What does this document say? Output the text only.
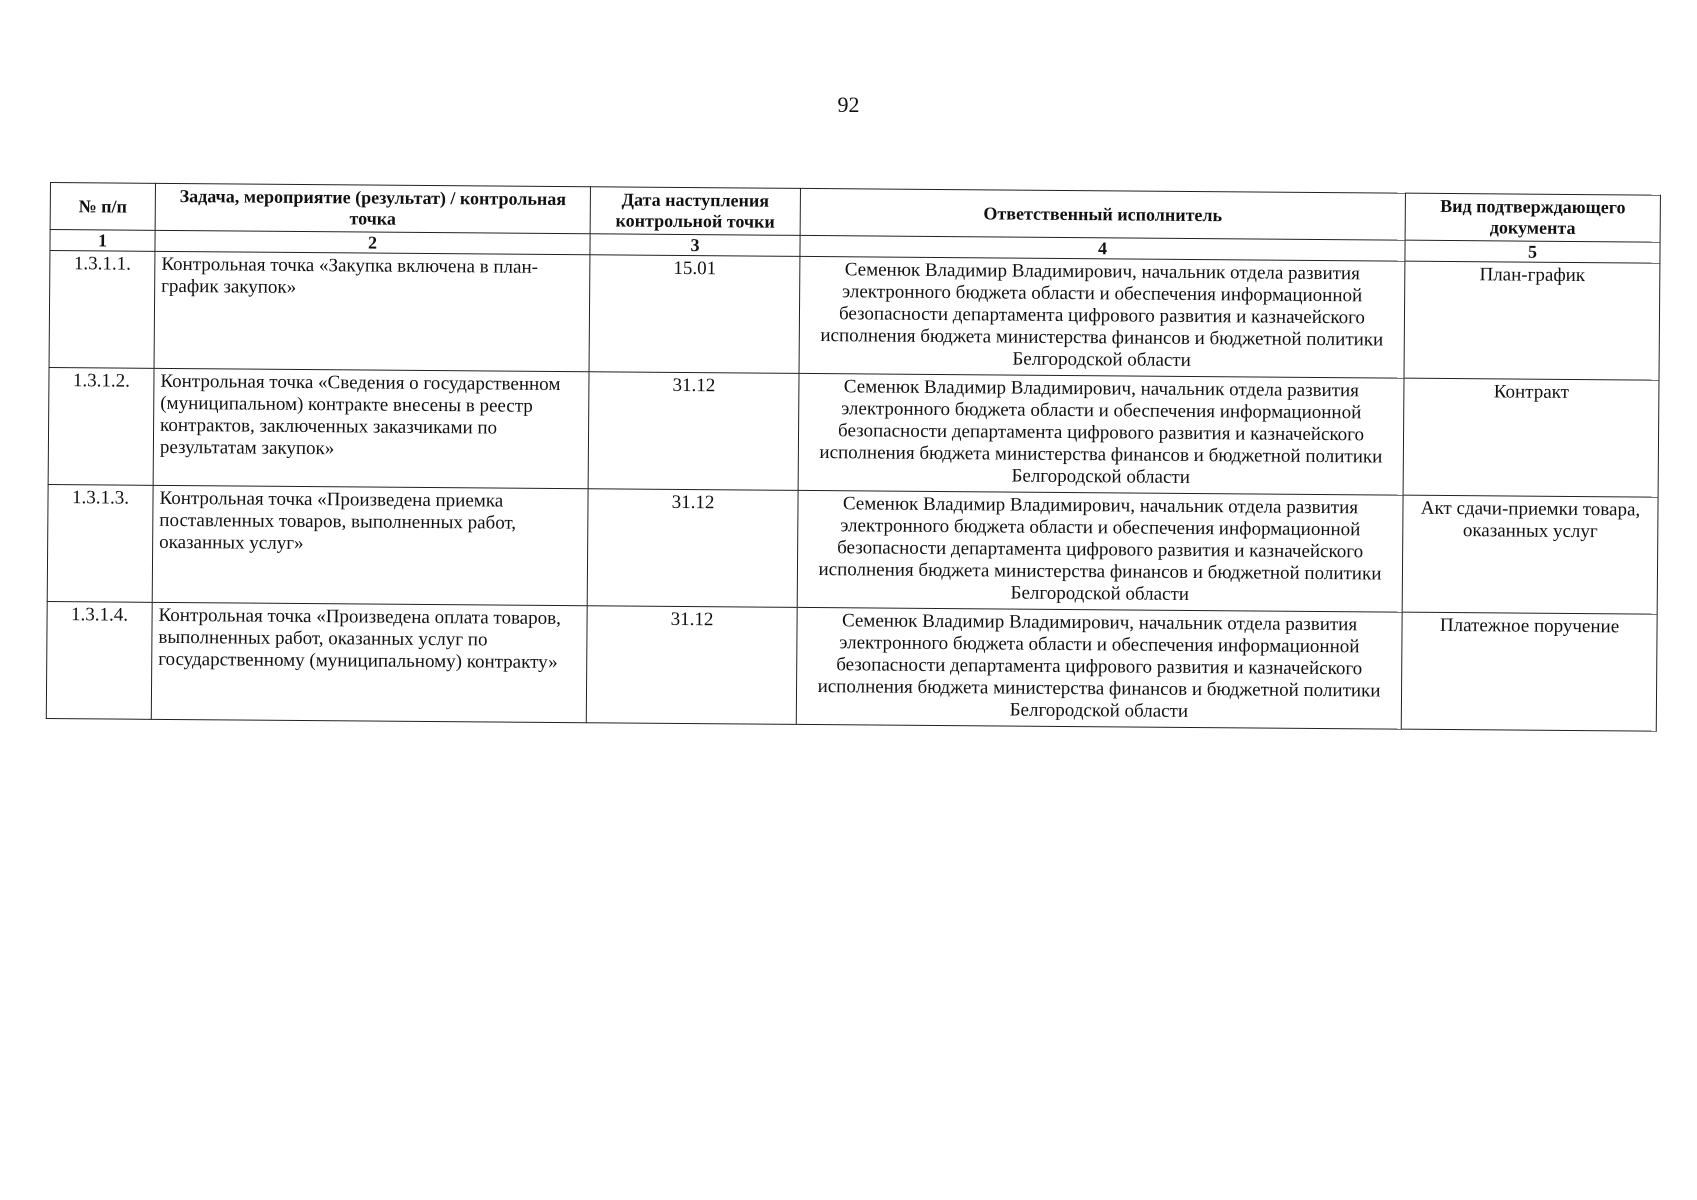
92
№ п/п	Задача, мероприятие (результат) / контрольная точка	Дата наступления контрольной точки	Ответственный исполнитель	Вид подтверждающего документа
1	2	3	4	5
1.3.1.1.	Контрольная точка «Закупка включена в план-график закупок»	15.01	Семенюк Владимир Владимирович, начальник отдела развития электронного бюджета области и обеспечения информационной безопасности департамента цифрового развития и казначейского исполнения бюджета министерства финансов и бюджетной политики Белгородской области	План-график
1.3.1.2.	Контрольная точка «Сведения о государственном (муниципальном) контракте внесены в реестр контрактов, заключенных заказчиками по результатам закупок»	31.12	Семенюк Владимир Владимирович, начальник отдела развития электронного бюджета области и обеспечения информационной безопасности департамента цифрового развития и казначейского исполнения бюджета министерства финансов и бюджетной политики Белгородской области	Контракт
1.3.1.3.	Контрольная точка «Произведена приемка поставленных товаров, выполненных работ, оказанных услуг»	31.12	Семенюк Владимир Владимирович, начальник отдела развития электронного бюджета области и обеспечения информационной безопасности департамента цифрового развития и казначейского исполнения бюджета министерства финансов и бюджетной политики Белгородской области	Акт сдачи-приемки товара, оказанных услуг
1.3.1.4.	Контрольная точка «Произведена оплата товаров, выполненных работ, оказанных услуг по государственному (муниципальному) контракту»	31.12	Семенюк Владимир Владимирович, начальник отдела развития электронного бюджета области и обеспечения информационной безопасности департамента цифрового развития и казначейского исполнения бюджета министерства финансов и бюджетной политики Белгородской области	Платежное поручение
